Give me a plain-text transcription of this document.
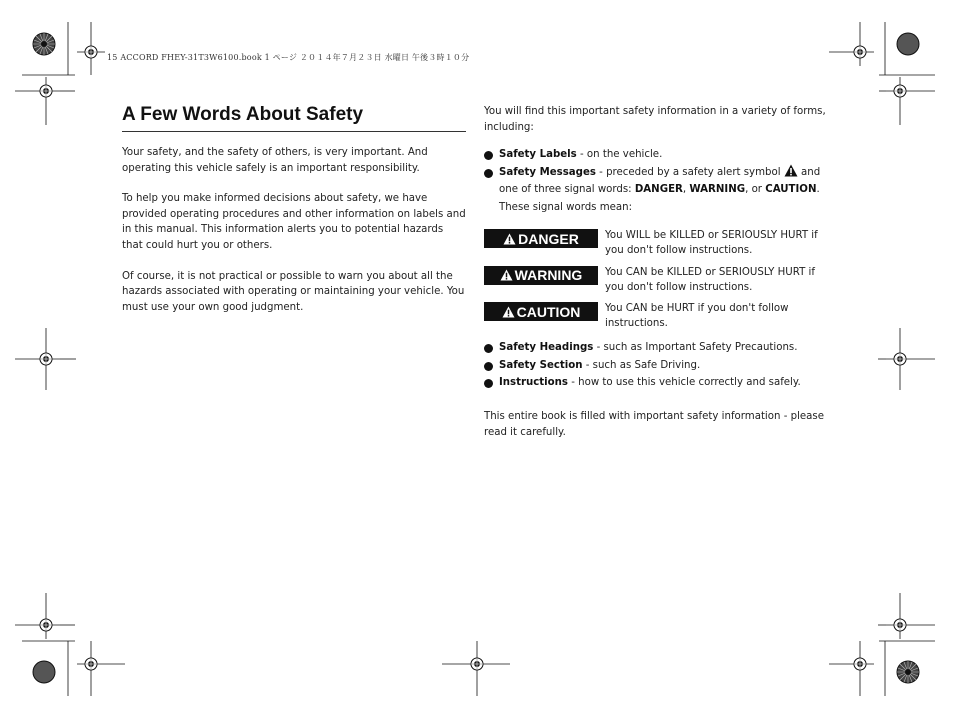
15 ACCORD FHEY-31T3W6100.book 1 ページ ２０１４年７月２３日 水曜日 午後３時１０分
A Few Words About Safety

Your safety, and the safety of others, is very important. And operating this vehicle safely is an important responsibility.

To help you make informed decisions about safety, we have provided operating procedures and other information on labels and in this manual. This information alerts you to potential hazards that could hurt you or others.

Of course, it is not practical or possible to warn you about all the hazards associated with operating or maintaining your vehicle. You must use your own good judgment.

You will find this important safety information in a variety of forms, including:

Safety Labels - on the vehicle.
Safety Messages - preceded by a safety alert symbol  and one of three signal words: DANGER, WARNING, or CAUTION. These signal words mean:
DANGER	You WILL be KILLED or SERIOUSLY HURT if you don't follow instructions.
WARNING You CAN be KILLED or SERIOUSLY HURT if you don't follow instructions.
CAUTION You CAN be HURT if you don't follow instructions.
Safety Headings - such as Important Safety Precautions.
Safety Section - such as Safe Driving.
Instructions - how to use this vehicle correctly and safely.

This entire book is filled with important safety information - please read it carefully.
